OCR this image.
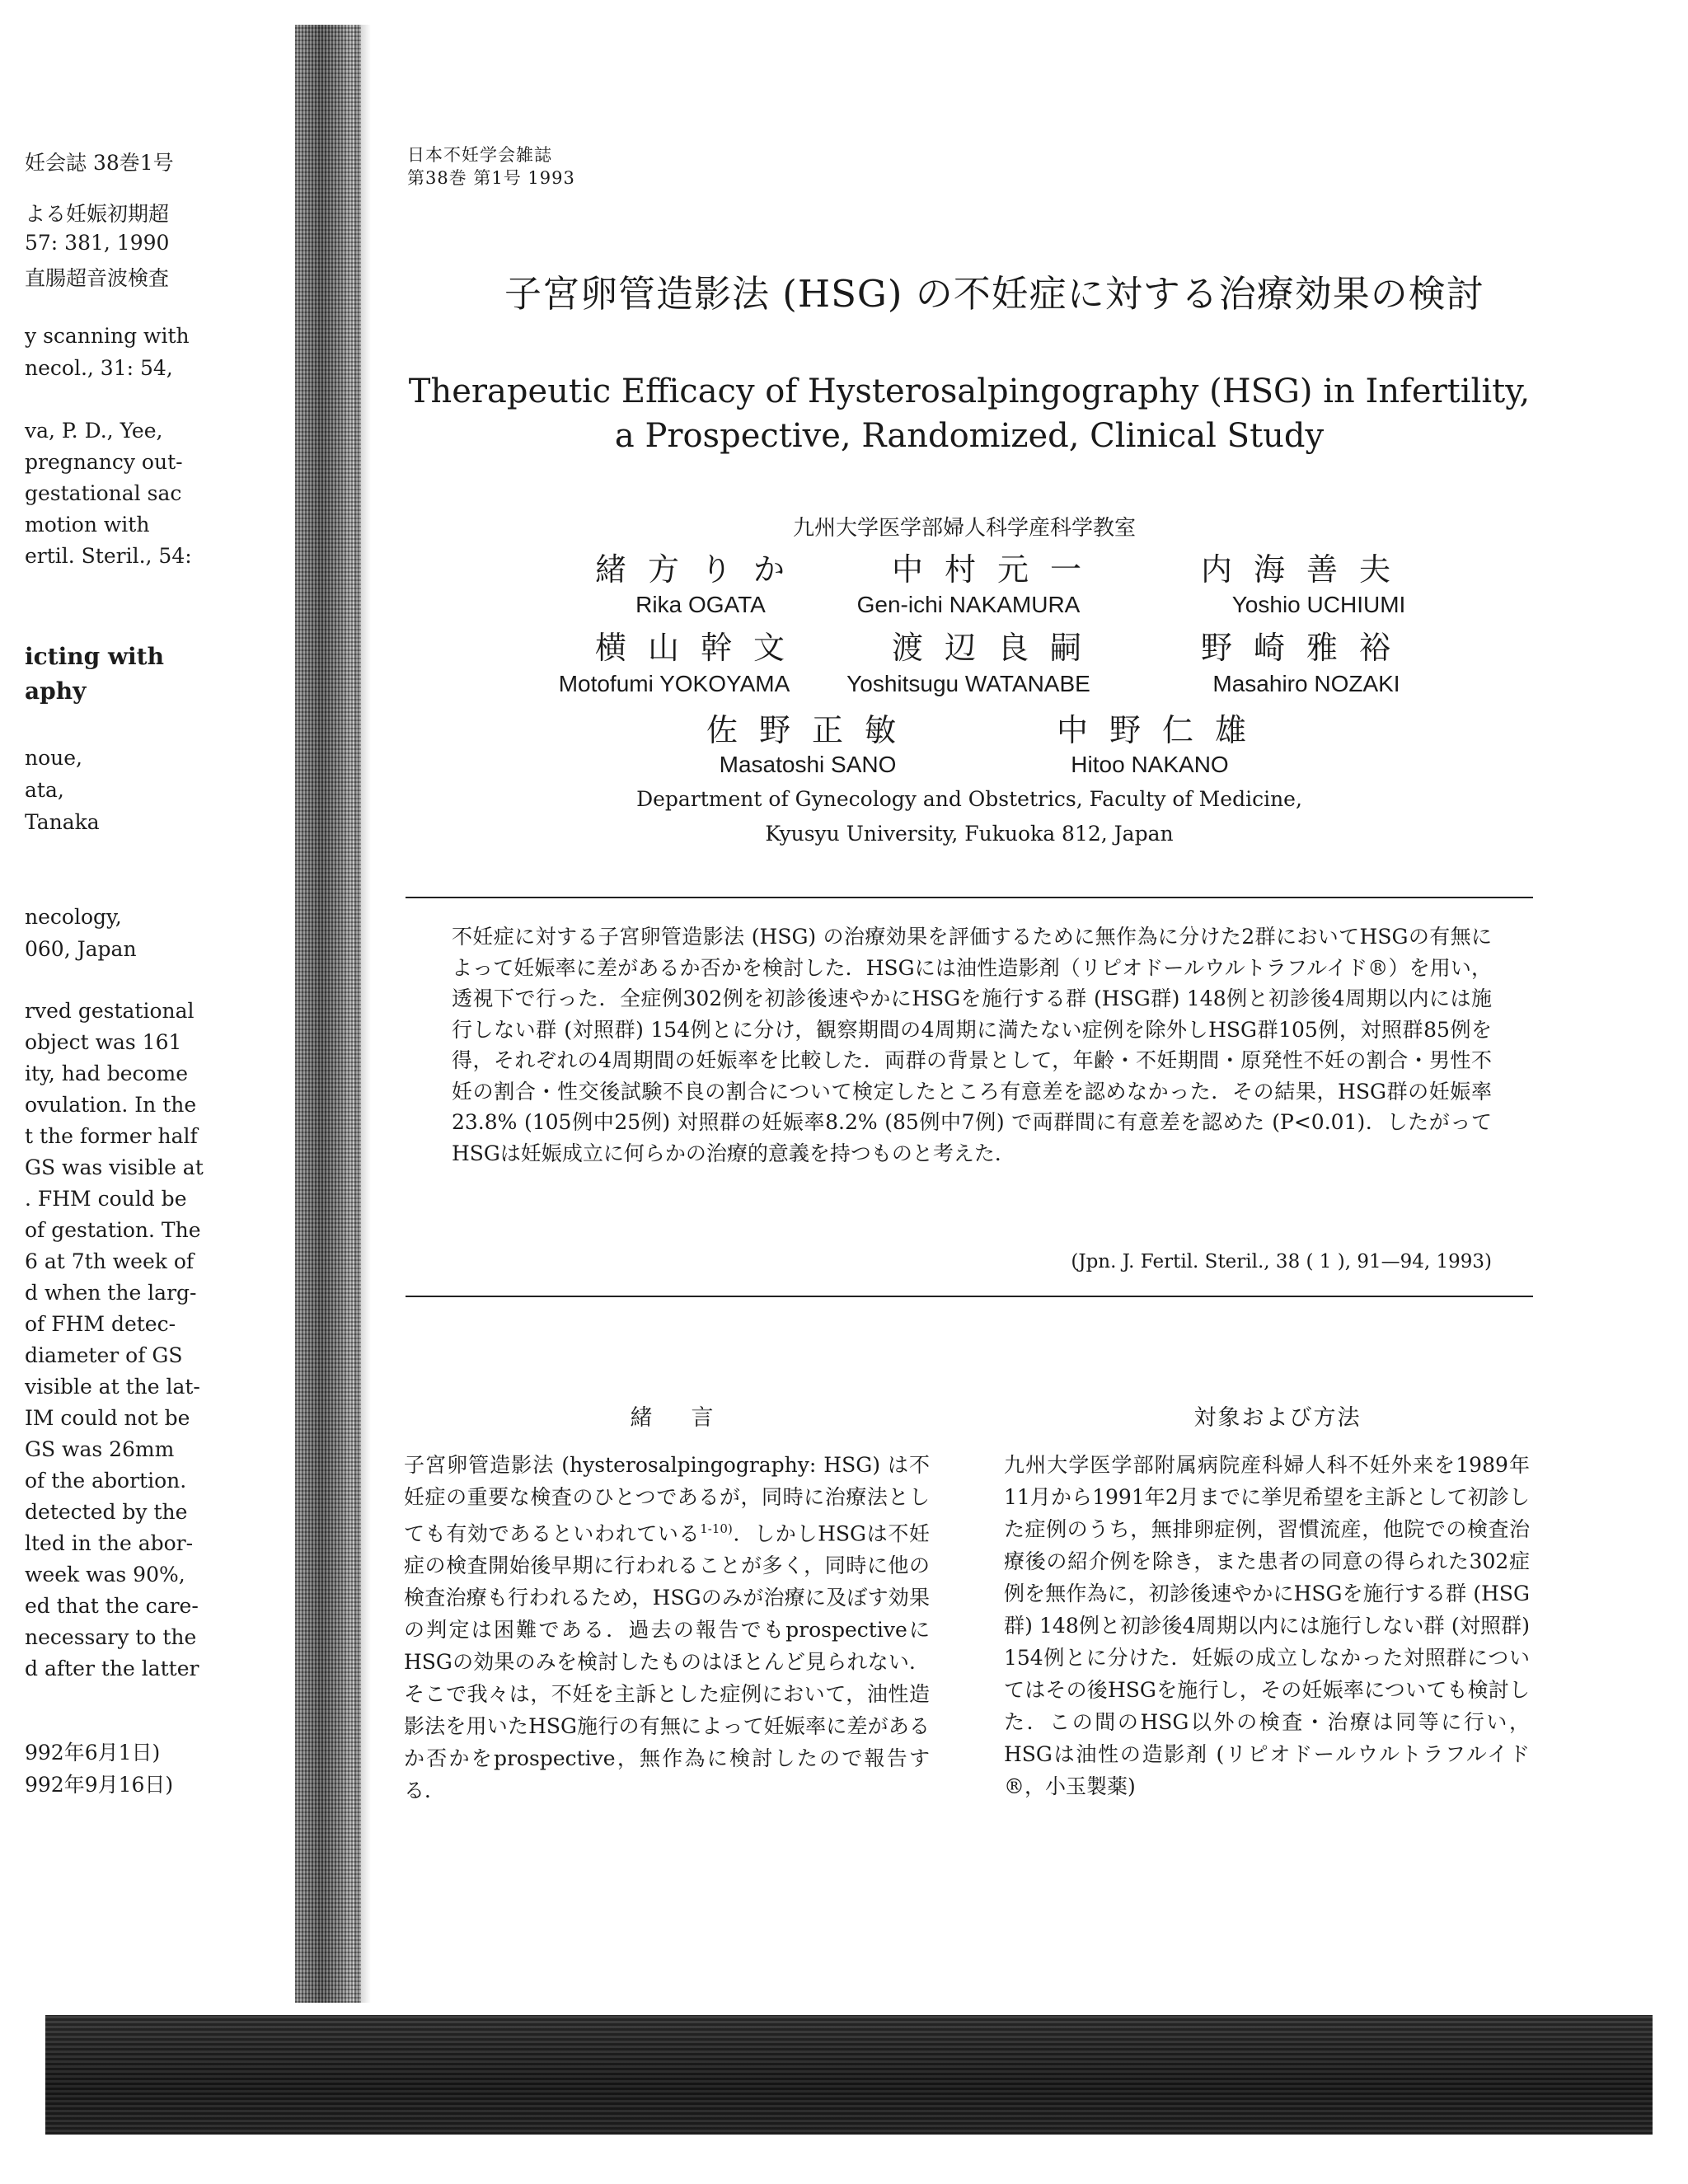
妊会誌 38巻1号
よる妊娠初期超
57: 381, 1990
直腸超音波検査
y scanning with
necol., 31: 54,
va, P. D., Yee,
pregnancy out-
gestational sac
motion with
ertil. Steril., 54:
icting with
aphy
noue,
ata,
Tanaka
necology,
060, Japan
rved gestational
object was 161
ity, had become
ovulation. In the
t the former half
GS was visible at
. FHM could be
of gestation. The
6 at 7th week of
d when the larg-
of FHM detec-
diameter of GS
visible at the lat-
IM could not be
GS was 26mm
of the abortion.
detected by the
lted in the abor-
week was 90%,
ed that the care-
necessary to the
d after the latter
992年6月1日)
992年9月16日)
日本不妊学会雑誌
第38巻 第1号 1993
子宮卵管造影法 (HSG) の不妊症に対する治療効果の検討
Therapeutic Efficacy of Hysterosalpingography (HSG) in Infertility,
a Prospective, Randomized, Clinical Study
九州大学医学部婦人科学産科学教室
緒方りか	中村元一	内海善夫
Rika OGATA	Gen-ichi NAKAMURA	Yoshio UCHIUMI
横山幹文	渡辺良嗣	野崎雅裕
Motofumi YOKOYAMA	Yoshitsugu WATANABE	Masahiro NOZAKI
佐野正敏	中野仁雄
Masatoshi SANO	Hitoo NAKANO
Department of Gynecology and Obstetrics, Faculty of Medicine,
Kyusyu University, Fukuoka 812, Japan
不妊症に対する子宮卵管造影法 (HSG) の治療効果を評価するために無作為に分けた2群においてHSGの有無によって妊娠率に差があるか否かを検討した．HSGには油性造影剤（リピオドールウルトラフルイド®）を用い，透視下で行った．全症例302例を初診後速やかにHSGを施行する群 (HSG群) 148例と初診後4周期以内には施行しない群 (対照群) 154例とに分け，観察期間の4周期に満たない症例を除外しHSG群105例，対照群85例を得，それぞれの4周期間の妊娠率を比較した．両群の背景として，年齢・不妊期間・原発性不妊の割合・男性不妊の割合・性交後試験不良の割合について検定したところ有意差を認めなかった．その結果，HSG群の妊娠率23.8% (105例中25例) 対照群の妊娠率8.2% (85例中7例) で両群間に有意差を認めた (P<0.01)．したがってHSGは妊娠成立に何らかの治療的意義を持つものと考えた．
(Jpn. J. Fertil. Steril., 38 ( 1 ), 91—94, 1993)
緒　言
子宮卵管造影法 (hysterosalpingography: HSG) は不妊症の重要な検査のひとつであるが，同時に治療法としても有効であるといわれている$^{1-10)}$．しかしHSGは不妊症の検査開始後早期に行われることが多く，同時に他の検査治療も行われるため，HSGのみが治療に及ぼす効果の判定は困難である．過去の報告でもprospectiveにHSGの効果のみを検討したものはほとんど見られない．そこで我々は，不妊を主訴とした症例において，油性造影法を用いたHSG施行の有無によって妊娠率に差があるか否かをprospective，無作為に検討したので報告する．
対象および方法
九州大学医学部附属病院産科婦人科不妊外来を1989年11月から1991年2月までに挙児希望を主訴として初診した症例のうち，無排卵症例，習慣流産，他院での検査治療後の紹介例を除き，また患者の同意の得られた302症例を無作為に，初診後速やかにHSGを施行する群 (HSG群) 148例と初診後4周期以内には施行しない群 (対照群) 154例とに分けた．妊娠の成立しなかった対照群についてはその後HSGを施行し，その妊娠率についても検討した．この間のHSG以外の検査・治療は同等に行い，HSGは油性の造影剤 (リピオドールウルトラフルイド®，小玉製薬)
